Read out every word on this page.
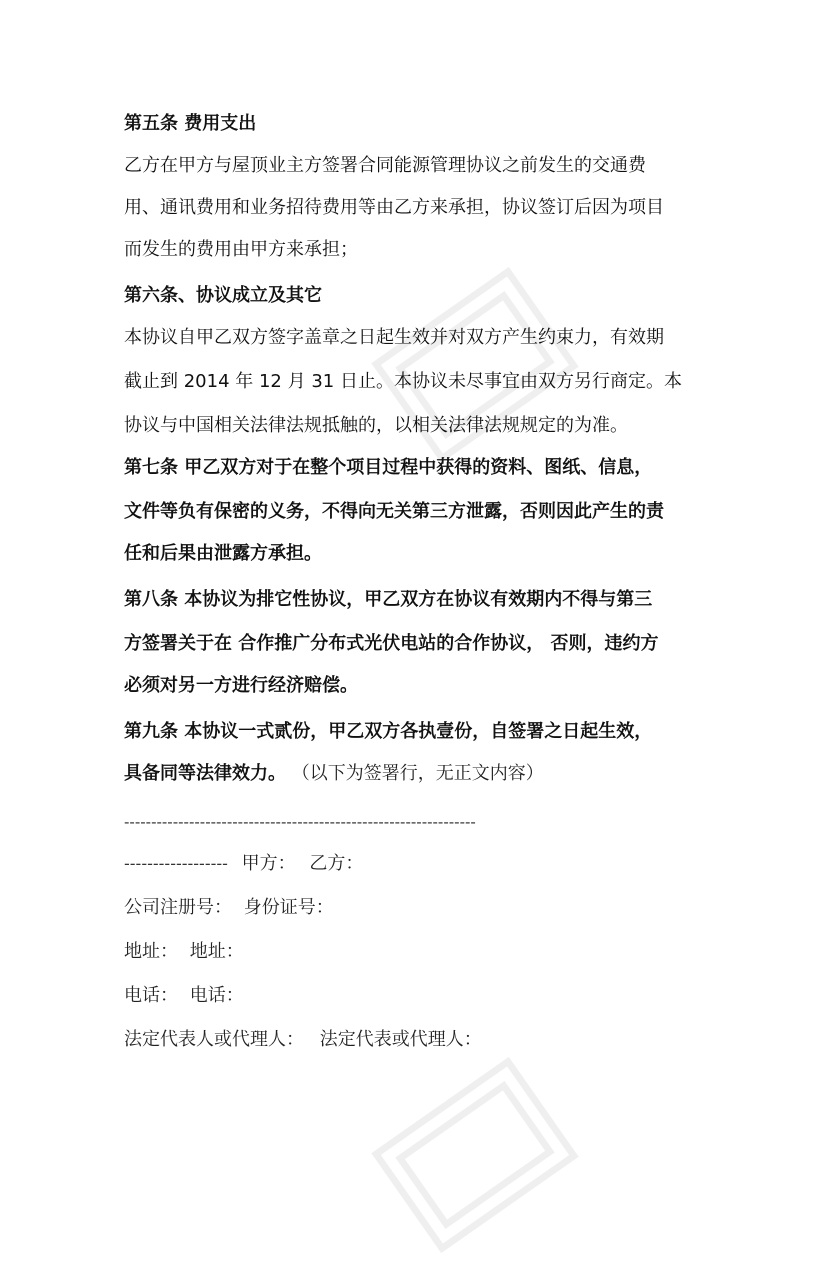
第五条 费用支出
乙方在甲方与屋顶业主方签署合同能源管理协议之前发生的交通费
用、通讯费用和业务招待费用等由乙方来承担，协议签订后因为项目
而发生的费用由甲方来承担；
第六条、协议成立及其它
本协议自甲乙双方签字盖章之日起生效并对双方产生约束力，有效期
截止到 2014 年 12 月 31 日止。本协议未尽事宜由双方另行商定。本
协议与中国相关法律法规抵触的，以相关法律法规规定的为准。
第七条 甲乙双方对于在整个项目过程中获得的资料、图纸、信息，
文件等负有保密的义务，不得向无关第三方泄露，否则因此产生的责
任和后果由泄露方承担。
第八条 本协议为排它性协议，甲乙双方在协议有效期内不得与第三
方签署关于在 合作推广分布式光伏电站的合作协议， 否则，违约方
必须对另一方进行经济赔偿。
第九条 本协议一式贰份，甲乙双方各执壹份，自签署之日起生效，
具备同等法律效力。 （以下为签署行，无正文内容）
-----------------------------------------------------------------
------------------ 甲方： 乙方：
公司注册号： 身份证号：
地址： 地址：
电话： 电话：
法定代表人或代理人： 法定代表或代理人：
